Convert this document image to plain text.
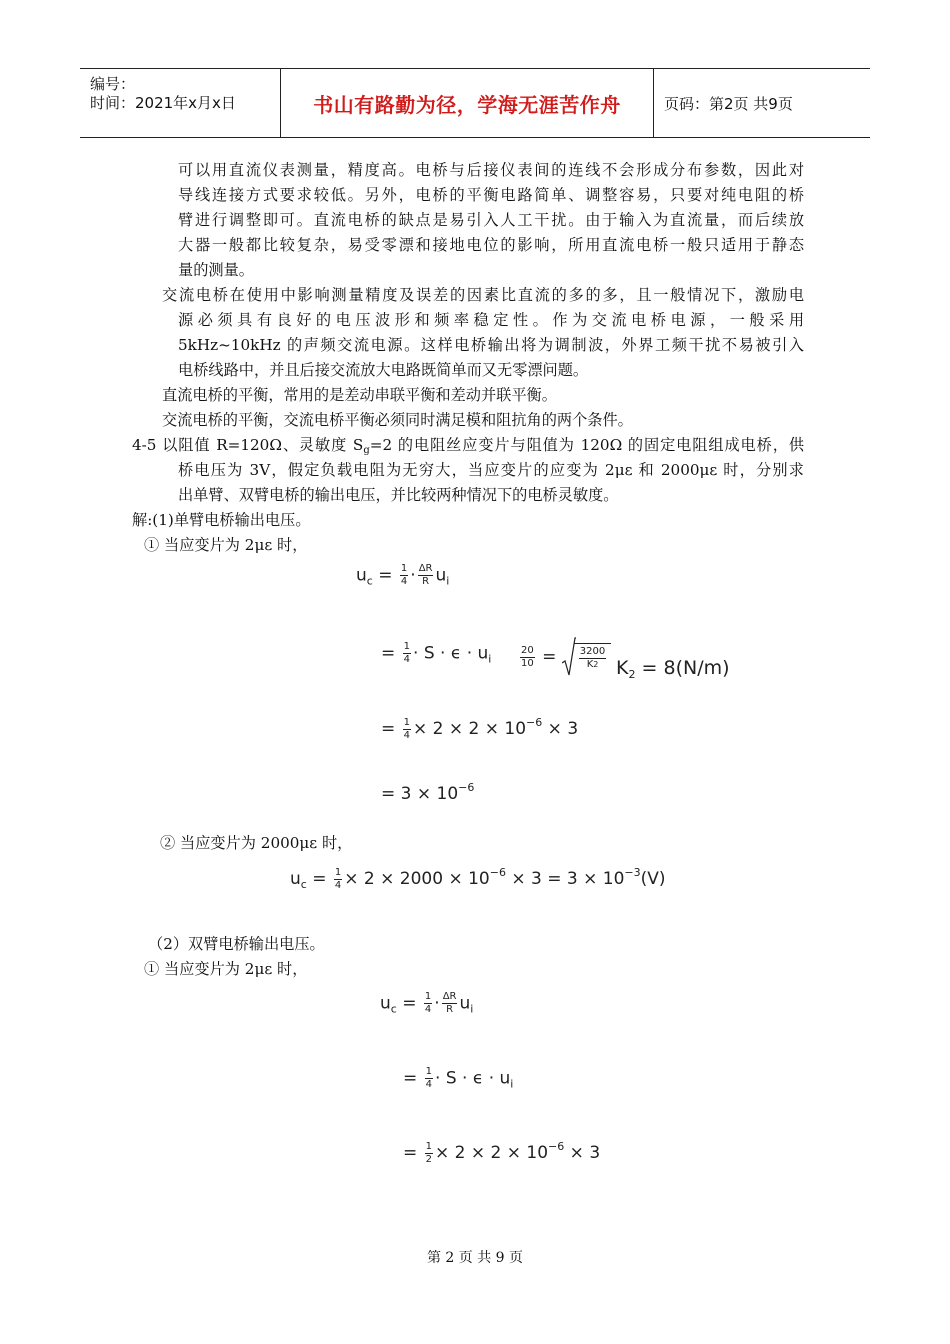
编号：
时间：2021年x月x日	书山有路勤为径，学海无涯苦作舟	页码：第2页 共9页
可以用直流仪表测量，精度高。电桥与后接仪表间的连线不会形成分布参数，因此对
导线连接方式要求较低。另外，电桥的平衡电路简单、调整容易，只要对纯电阻的桥
臂进行调整即可。直流电桥的缺点是易引入人工干扰。由于输入为直流量，而后续放
大器一般都比较复杂，易受零漂和接地电位的影响，所用直流电桥一般只适用于静态
量的测量。
交流电桥在使用中影响测量精度及误差的因素比直流的多的多，且一般情况下，激励电
源必须具有良好的电压波形和频率稳定性。作为交流电桥电源，一般采用
5kHz~10kHz 的声频交流电源。这样电桥输出将为调制波，外界工频干扰不易被引入
电桥线路中，并且后接交流放大电路既简单而又无零漂问题。
直流电桥的平衡，常用的是差动串联平衡和差动并联平衡。
交流电桥的平衡，交流电桥平衡必须同时满足模和阻抗角的两个条件。
4-5 以阻值 R=120Ω、灵敏度 $S_g=2$ 的电阻丝应变片与阻值为 120Ω 的固定电阻组成电桥，供
桥电压为 3V，假定负载电阻为无穷大，当应变片的应变为 2με 和 2000με 时，分别求
出单臂、双臂电桥的输出电压，并比较两种情况下的电桥灵敏度。
解:(1)单臂电桥输出电压。
① 当应变片为 2με 时，
$u_c = \frac{1}{4} \cdot \frac{\Delta R}{R} u_i$
= $\frac{1}{4} \cdot S \cdot \epsilon \cdot u_i$	$\frac{20}{10} = \frac{3200}{K2} K_2 = 8(N/m)$
= $\frac{1}{4} \times 2 \times 2 \times 10^{-6} \times 3$
= $3 \times 10^{-6}$
② 当应变片为 2000με 时，
$u_c = \frac{1}{4} \times 2 \times 2000 \times 10^{-6} \times 3 = 3 \times 10^{-3}(V)$
（2）双臂电桥输出电压。
① 当应变片为 2με 时，
$u_c = \frac{1}{4} \cdot \frac{\Delta R}{R} u_i$
= $\frac{1}{4} \cdot S \cdot \epsilon \cdot u_i$
= $\frac{1}{2} \times 2 \times 2 \times 10^{-6} \times 3$
第 2 页 共 9 页
